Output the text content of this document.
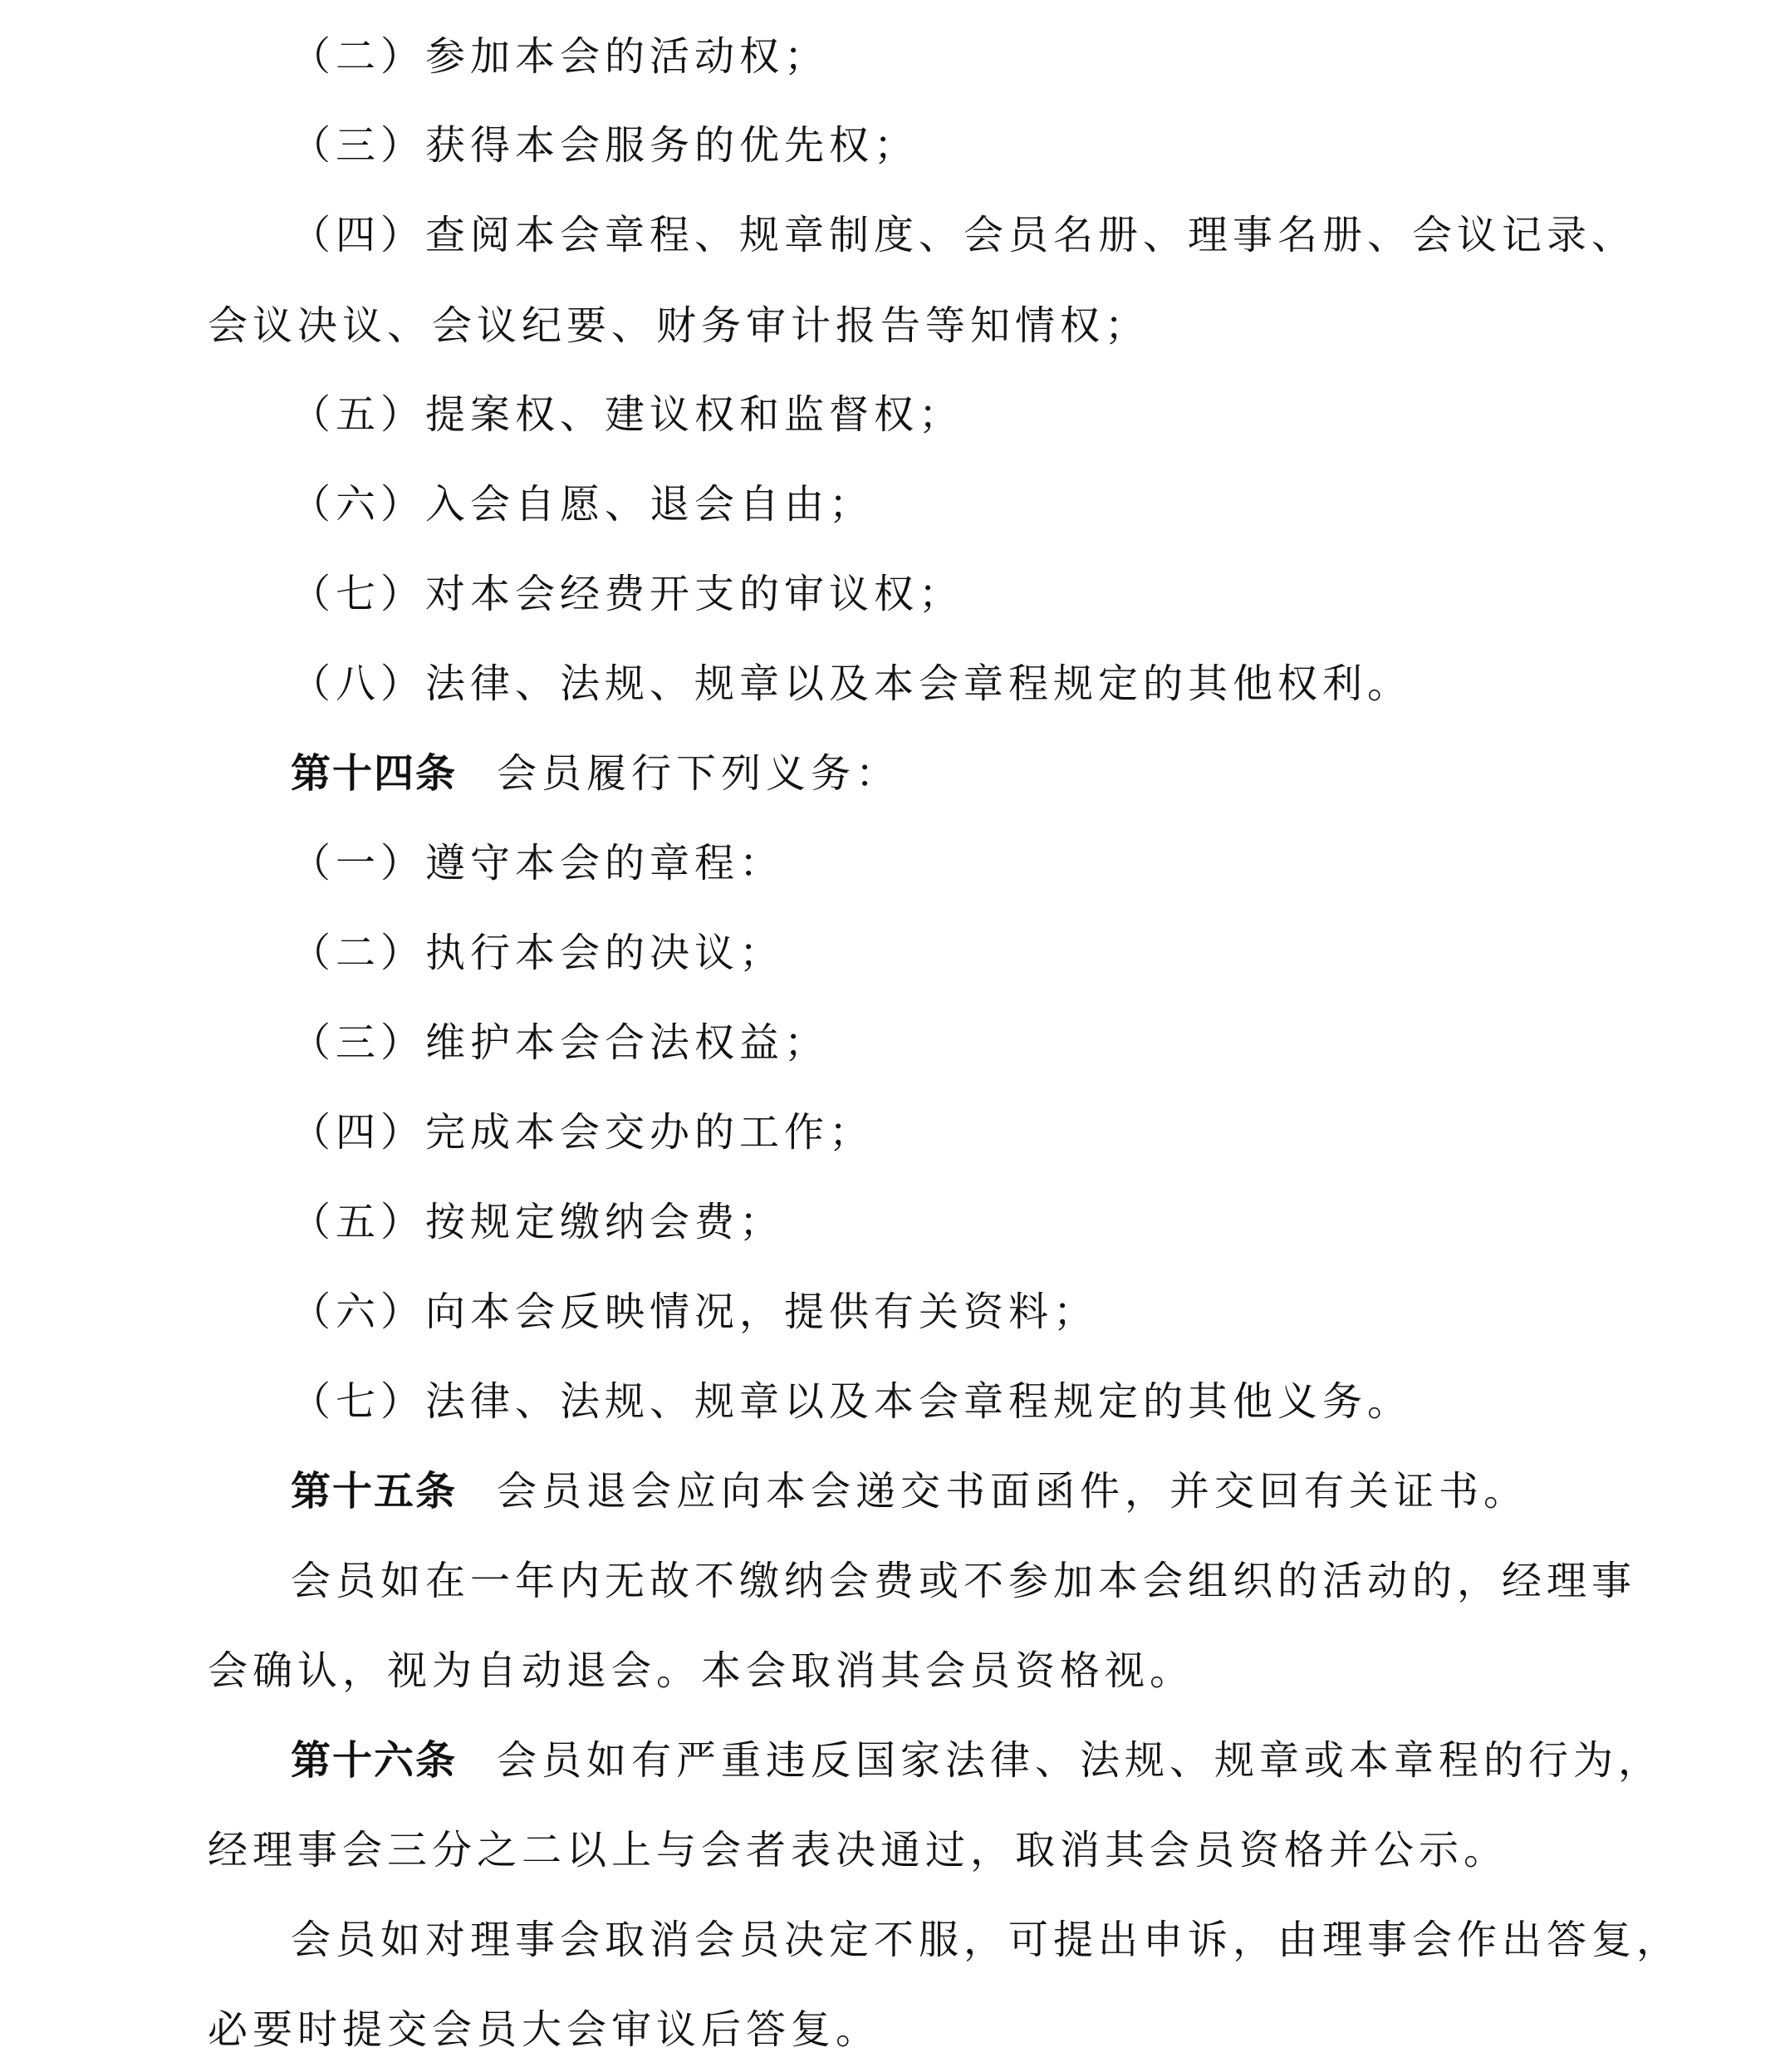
（二）参加本会的活动权；

（三）获得本会服务的优先权；

（四）查阅本会章程、规章制度、会员名册、理事名册、会议记录、

会议决议、会议纪要、财务审计报告等知情权；

（五）提案权、建议权和监督权；

（六）入会自愿、退会自由；

（七）对本会经费开支的审议权；

（八）法律、法规、规章以及本会章程规定的其他权利。

第十四条 会员履行下列义务：

（一）遵守本会的章程：

（二）执行本会的决议；

（三）维护本会合法权益；

（四）完成本会交办的工作；

（五）按规定缴纳会费；

（六）向本会反映情况，提供有关资料；

（七）法律、法规、规章以及本会章程规定的其他义务。

第十五条 会员退会应向本会递交书面函件，并交回有关证书。

会员如在一年内无故不缴纳会费或不参加本会组织的活动的，经理事

会确认，视为自动退会。本会取消其会员资格视。

第十六条 会员如有严重违反国家法律、法规、规章或本章程的行为，

经理事会三分之二以上与会者表决通过，取消其会员资格并公示。

会员如对理事会取消会员决定不服，可提出申诉，由理事会作出答复，

必要时提交会员大会审议后答复。
